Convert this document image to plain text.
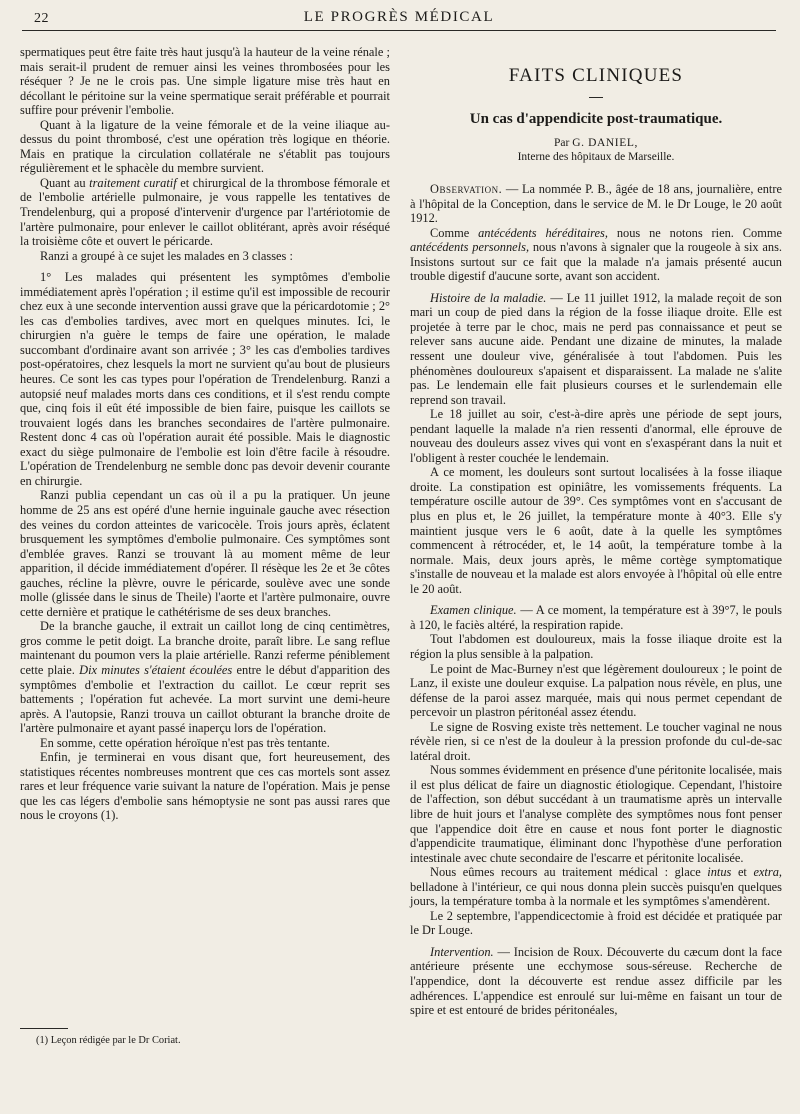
22	LE PROGRÈS MÉDICAL

spermatiques peut être faite très haut jusqu'à la hauteur de la veine rénale ; mais serait-il prudent de remuer ainsi les veines thrombosées pour les réséquer ? Je ne le crois pas. Une simple ligature mise très haut en décollant le péritoine sur la veine spermatique serait préférable et pourrait suffire pour prévenir l'embolie.

Quant à la ligature de la veine fémorale et de la veine iliaque au-dessus du point thrombosé, c'est une opération très logique en théorie. Mais en pratique la circulation collatérale ne s'établit pas toujours régulièrement et le sphacèle du membre survient.

Quant au traitement curatif et chirurgical de la thrombose fémorale et de l'embolie artérielle pulmonaire, je vous rappelle les tentatives de Trendelenburg, qui a proposé d'intervenir d'urgence par l'artériotomie de l'artère pulmonaire, pour enlever le caillot oblitérant, après avoir réséqué la troisième côte et ouvert le péricarde.

Ranzi a groupé à ce sujet les malades en 3 classes :

1° Les malades qui présentent les symptômes d'embolie immédiatement après l'opération ; il estime qu'il est impossible de recourir chez eux à une seconde intervention aussi grave que la péricardotomie ; 2° les cas d'embolies tardives, avec mort en quelques minutes. Ici, le chirurgien n'a guère le temps de faire une opération, le malade succombant d'ordinaire avant son arrivée ; 3° les cas d'embolies tardives post-opératoires, chez lesquels la mort ne survient qu'au bout de plusieurs heures. Ce sont les cas types pour l'opération de Trendelenburg. Ranzi a autopsié neuf malades morts dans ces conditions, et il s'est rendu compte que, cinq fois il eût été impossible de bien faire, puisque les caillots se trouvaient logés dans les branches secondaires de l'artère pulmonaire. Restent donc 4 cas où l'opération aurait été possible. Mais le diagnostic exact du siège pulmonaire de l'embolie est loin d'être facile à résoudre. L'opération de Trendelenburg ne semble donc pas devoir devenir courante en chirurgie.

Ranzi publia cependant un cas où il a pu la pratiquer. Un jeune homme de 25 ans est opéré d'une hernie inguinale gauche avec résection des veines du cordon atteintes de varicocèle. Trois jours après, éclatent brusquement les symptômes d'embolie pulmonaire. Ces symptômes sont d'emblée graves. Ranzi se trouvant là au moment même de leur apparition, il décide immédiatement d'opérer. Il résèque les 2e et 3e côtes gauches, récline la plèvre, ouvre le péricarde, soulève avec une sonde molle (glissée dans le sinus de Theile) l'aorte et l'artère pulmonaire, ouvre cette dernière et pratique le cathétérisme de ses deux branches.

De la branche gauche, il extrait un caillot long de cinq centimètres, gros comme le petit doigt. La branche droite, paraît libre. Le sang reflue maintenant du poumon vers la plaie artérielle. Ranzi referme péniblement cette plaie. Dix minutes s'étaient écoulées entre le début d'apparition des symptômes d'embolie et l'extraction du caillot. Le cœur reprit ses battements ; l'opération fut achevée. La mort survint une demi-heure après. A l'autopsie, Ranzi trouva un caillot obturant la branche droite de l'artère pulmonaire et ayant passé inaperçu lors de l'opération.

En somme, cette opération héroïque n'est pas très tentante.

Enfin, je terminerai en vous disant que, fort heureusement, des statistiques récentes nombreuses montrent que ces cas mortels sont assez rares et leur fréquence varie suivant la nature de l'opération. Mais je pense que les cas légers d'embolie sans hémoptysie ne sont pas aussi rares que nous le croyons (1).

(1) Leçon rédigée par le Dr Coriat.
FAITS CLINIQUES
Un cas d'appendicite post-traumatique.
Par G. DANIEL,
Interne des hôpitaux de Marseille.

Observation. — La nommée P. B., âgée de 18 ans, journalière, entre à l'hôpital de la Conception, dans le service de M. le Dr Louge, le 20 août 1912.

Comme antécédents héréditaires, nous ne notons rien. Comme antécédents personnels, nous n'avons à signaler que la rougeole à six ans. Insistons surtout sur ce fait que la malade n'a jamais présenté aucun trouble digestif d'aucune sorte, avant son accident.

Histoire de la maladie. — Le 11 juillet 1912, la malade reçoit de son mari un coup de pied dans la région de la fosse iliaque droite. Elle est projetée à terre par le choc, mais ne perd pas connaissance et peut se relever sans aucune aide. Pendant une dizaine de minutes, la malade ressent une douleur vive, généralisée à tout l'abdomen. Puis les phénomènes douloureux s'apaisent et disparaissent. La malade ne s'alite pas. Le lendemain elle fait plusieurs courses et le surlendemain elle reprend son travail.

Le 18 juillet au soir, c'est-à-dire après une période de sept jours, pendant laquelle la malade n'a rien ressenti d'anormal, elle éprouve de nouveau des douleurs assez vives qui vont en s'exaspérant dans la nuit et l'obligent à rester couchée le lendemain.

A ce moment, les douleurs sont surtout localisées à la fosse iliaque droite. La constipation est opiniâtre, les vomissements fréquents. La température oscille autour de 39°. Ces symptômes vont en s'accusant de plus en plus et, le 26 juillet, la température monte à 40°3. Elle s'y maintient jusque vers le 6 août, date à la quelle les symptômes commencent à rétrocéder, et, le 14 août, la température tombe à la normale. Mais, deux jours après, le même cortège symptomatique s'installe de nouveau et la malade est alors envoyée à l'hôpital où elle entre le 20 août.

Examen clinique. — A ce moment, la température est à 39°7, le pouls à 120, le faciès altéré, la respiration rapide.

Tout l'abdomen est douloureux, mais la fosse iliaque droite est la région la plus sensible à la palpation.

Le point de Mac-Burney n'est que légèrement douloureux ; le point de Lanz, il existe une douleur exquise. La palpation nous révèle, en plus, une défense de la paroi assez marquée, mais qui nous permet cependant de percevoir un plastron péritonéal assez étendu.

Le signe de Rosving existe très nettement. Le toucher vaginal ne nous révèle rien, si ce n'est de la douleur à la pression profonde du cul-de-sac latéral droit.

Nous sommes évidemment en présence d'une péritonite localisée, mais il est plus délicat de faire un diagnostic étiologique. Cependant, l'histoire de l'affection, son début succédant à un traumatisme après un intervalle libre de huit jours et l'analyse complète des symptômes nous font penser que l'appendice doit être en cause et nous font porter le diagnostic d'appendicite traumatique, éliminant donc l'hypothèse d'une perforation intestinale avec chute secondaire de l'escarre et péritonite localisée.

Nous eûmes recours au traitement médical : glace intus et extra, belladone à l'intérieur, ce qui nous donna plein succès puisqu'en quelques jours, la température tomba à la normale et les symptômes s'amendèrent.

Le 2 septembre, l'appendicectomie à froid est décidée et pratiquée par le Dr Louge.

Intervention. — Incision de Roux. Découverte du cæcum dont la face antérieure présente une ecchymose sous-séreuse. Recherche de l'appendice, dont la découverte est rendue assez difficile par les adhérences. L'appendice est enroulé sur lui-même en faisant un tour de spire et est entouré de brides péritonéales,
